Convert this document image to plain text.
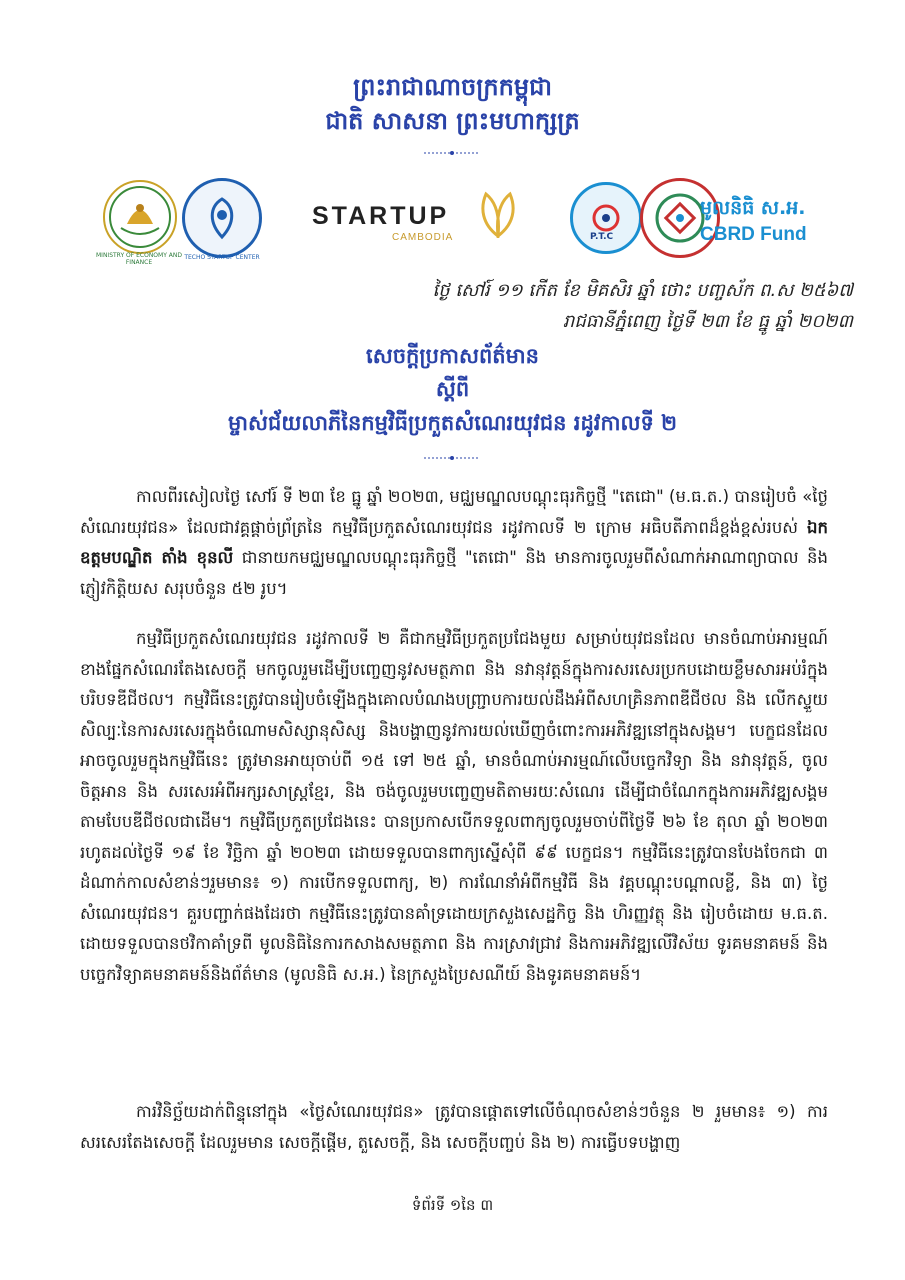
ព្រះរាជាណាចក្រកម្ពុជា
ជាតិ សាសនា ព្រះមហាក្សត្រ
MINISTRY OF ECONOMY AND FINANCE
TECHO STARTUP CENTER
STARTUP
CAMBODIA	P.T.C
មូលនិធិ ស.អ.
CBRD Fund
ថ្ងៃ សៅរ៍ ១១ កើត ខែ មិគសិរ ឆ្នាំ ថោះ បញ្ចស័ក ព.ស ២៥៦៧
រាជធានីភ្នំពេញ ថ្ងៃទី ២៣ ខែ ធ្នូ ឆ្នាំ ២០២៣
សេចក្តីប្រកាសព័ត៌មាន
ស្តីពី
ម្ចាស់ជ័យលាភីនៃកម្មវិធីប្រកួតសំណេរយុវជន រដូវកាលទី ២

កាលពីរសៀលថ្ងៃ សៅរ៍ ទី ២៣ ខែ ធ្នូ ឆ្នាំ ២០២៣, មជ្ឈមណ្ឌលបណ្តុះធុរកិច្ចថ្មី "តេជោ" (ម.ធ.ត.) បានរៀបចំ «ថ្ងៃសំណេរយុវជន» ដែលជាវគ្គផ្តាច់ព្រ័ត្រនៃ កម្មវិធីប្រកួតសំណេរយុវជន រដូវកាលទី ២ ក្រោម អធិបតីភាពដ៏ខ្ពង់ខ្ពស់របស់ ឯកឧត្តមបណ្ឌិត តាំង ខុនលី ជានាយកមជ្ឈមណ្ឌលបណ្តុះធុរកិច្ចថ្មី "តេជោ" និង មានការចូលរួមពីសំណាក់អាណាព្យាបាល និង ភ្ញៀវកិត្តិយស សរុបចំនួន ៥២ រូប។

កម្មវិធីប្រកួតសំណេរយុវជន រដូវកាលទី ២ គឺជាកម្មវិធីប្រកួតប្រជែងមួយ សម្រាប់យុវជនដែល មានចំណាប់អារម្មណ៍ខាងផ្នែកសំណេរតែងសេចក្តី មកចូលរួមដើម្បីបញ្ចេញនូវសមត្ថភាព និង នវានុវត្តន៍ក្នុងការសរសេរប្រកបដោយខ្លឹមសារអប់រំក្នុងបរិបទឌីជីថល។ កម្មវិធីនេះត្រូវបានរៀបចំឡើងក្នុងគោលបំណងបញ្ជ្រាបការយល់ដឹងអំពីសហគ្រិនភាពឌីជីថល និង លើកស្ទួយសិល្បៈនៃការសរសេរក្នុងចំណោមសិស្សានុសិស្ស និងបង្ហាញនូវការយល់ឃើញចំពោះការអភិវឌ្ឍនៅក្នុងសង្គម។ បេក្ខជនដែលអាចចូលរួមក្នុងកម្មវិធីនេះ ត្រូវមានអាយុចាប់ពី ១៥ ទៅ ២៥ ឆ្នាំ, មានចំណាប់អារម្មណ៍លើបច្ចេកវិទ្យា និង នវានុវត្តន៍, ចូលចិត្តអាន និង សរសេរអំពីអក្សរសាស្ត្រខ្មែរ, និង ចង់ចូលរួមបញ្ចេញមតិតាមរយៈសំណេរ ដើម្បីជាចំណែកក្នុងការអភិវឌ្ឍសង្គមតាមបែបឌីជីថលជាដើម។ កម្មវិធីប្រកួតប្រជែងនេះ បានប្រកាសបើកទទួលពាក្យចូលរួមចាប់ពីថ្ងៃទី ២៦ ខែ តុលា ឆ្នាំ ២០២៣ រហូតដល់ថ្ងៃទី ១៩ ខែ វិច្ឆិកា ឆ្នាំ ២០២៣ ដោយទទួលបានពាក្យស្នើសុំពី ៩៩ បេក្ខជន។ កម្មវិធីនេះត្រូវបានបែងចែកជា ៣ ដំណាក់កាលសំខាន់ៗរួមមាន៖ ១) ការបើកទទួលពាក្យ, ២) ការណែនាំអំពីកម្មវិធី និង វគ្គបណ្តុះបណ្តាលខ្លី, និង ៣) ថ្ងៃសំណេរយុវជន។ គួរបញ្ជាក់ផងដែរថា កម្មវិធីនេះត្រូវបានគាំទ្រដោយក្រសួងសេដ្ឋកិច្ច និង ហិរញ្ញវត្ថុ និង រៀបចំដោយ ម.ធ.ត. ដោយទទួលបានថវិកាគាំទ្រពី មូលនិធិនៃការកសាងសមត្ថភាព និង ការស្រាវជ្រាវ និងការអភិវឌ្ឍលើវិស័យ ទូរគមនាគមន៍ និងបច្ចេកវិទ្យាគមនាគមន៍និងព័ត៌មាន (មូលនិធិ ស.អ.) នៃក្រសួងប្រៃសណីយ៍ និងទូរគមនាគមន៍។

ការវិនិច្ឆ័យដាក់ពិន្ទុនៅក្នុង «ថ្ងៃសំណេរយុវជន» ត្រូវបានផ្តោតទៅលើចំណុចសំខាន់ៗចំនួន ២ រួមមាន៖ ១) ការសរសេរតែងសេចក្តី ដែលរួមមាន សេចក្តីផ្តើម, តួសេចក្តី, និង សេចក្តីបញ្ចប់ និង ២) ការធ្វើបទបង្ហាញ

ទំព័រទី ១នៃ ៣
